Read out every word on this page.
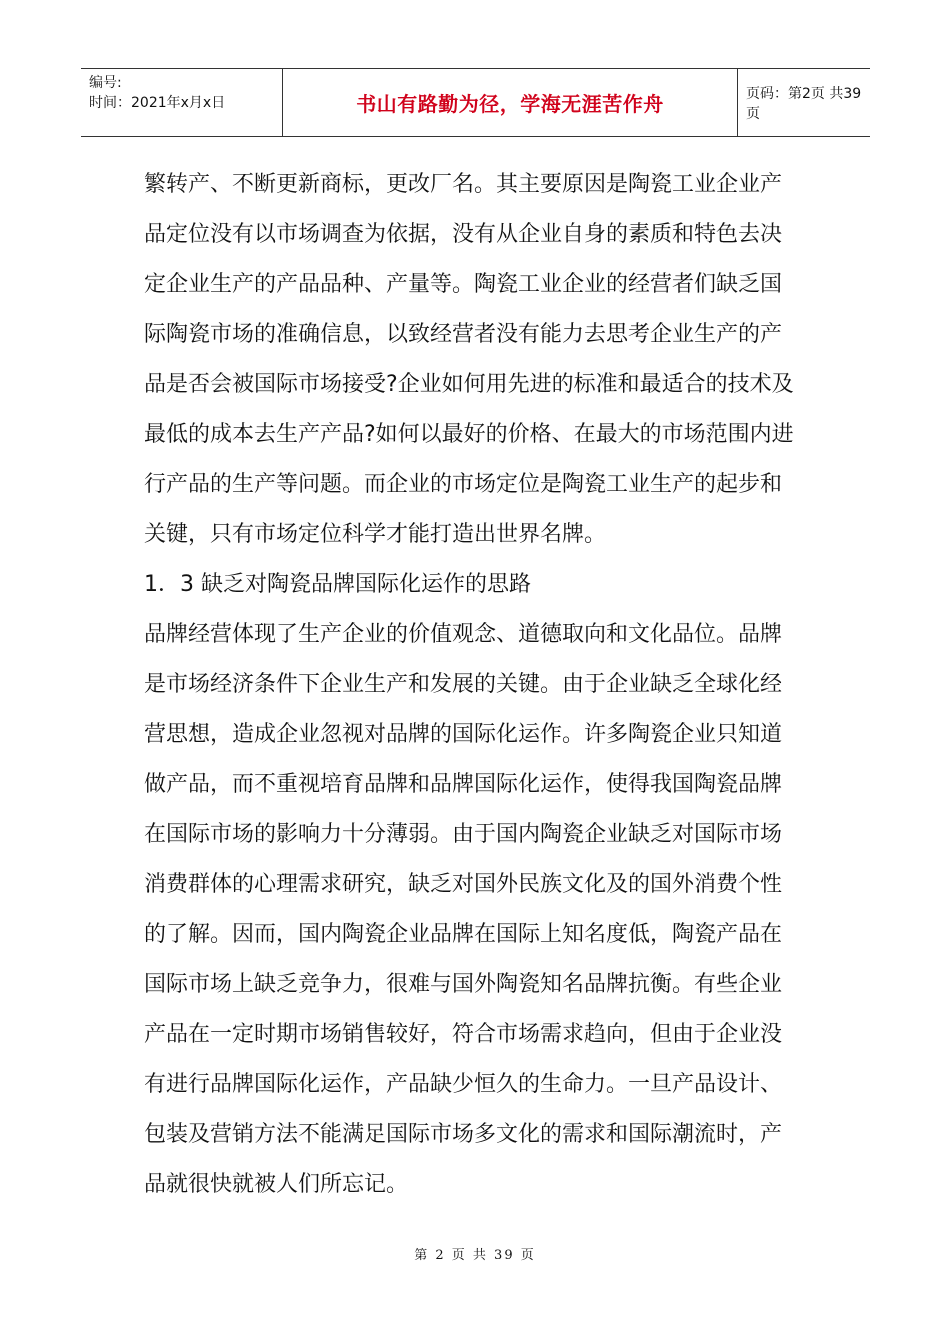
编号:
时间：2021年x月x日	书山有路勤为径，学海无涯苦作舟	页码：第2页 共39页
繁转产、不断更新商标，更改厂名。其主要原因是陶瓷工业企业产
品定位没有以市场调查为依据，没有从企业自身的素质和特色去决
定企业生产的产品品种、产量等。陶瓷工业企业的经营者们缺乏国
际陶瓷市场的准确信息，以致经营者没有能力去思考企业生产的产
品是否会被国际市场接受?企业如何用先进的标准和最适合的技术及
最低的成本去生产产品?如何以最好的价格、在最大的市场范围内进
行产品的生产等问题。而企业的市场定位是陶瓷工业生产的起步和
关键，只有市场定位科学才能打造出世界名牌。
1．3 缺乏对陶瓷品牌国际化运作的思路
品牌经营体现了生产企业的价值观念、道德取向和文化品位。品牌
是市场经济条件下企业生产和发展的关键。由于企业缺乏全球化经
营思想，造成企业忽视对品牌的国际化运作。许多陶瓷企业只知道
做产品，而不重视培育品牌和品牌国际化运作，使得我国陶瓷品牌
在国际市场的影响力十分薄弱。由于国内陶瓷企业缺乏对国际市场
消费群体的心理需求研究，缺乏对国外民族文化及的国外消费个性
的了解。因而，国内陶瓷企业品牌在国际上知名度低，陶瓷产品在
国际市场上缺乏竞争力，很难与国外陶瓷知名品牌抗衡。有些企业
产品在一定时期市场销售较好，符合市场需求趋向，但由于企业没
有进行品牌国际化运作，产品缺少恒久的生命力。一旦产品设计、
包装及营销方法不能满足国际市场多文化的需求和国际潮流时，产
品就很快就被人们所忘记。
第 2 页 共 39 页
